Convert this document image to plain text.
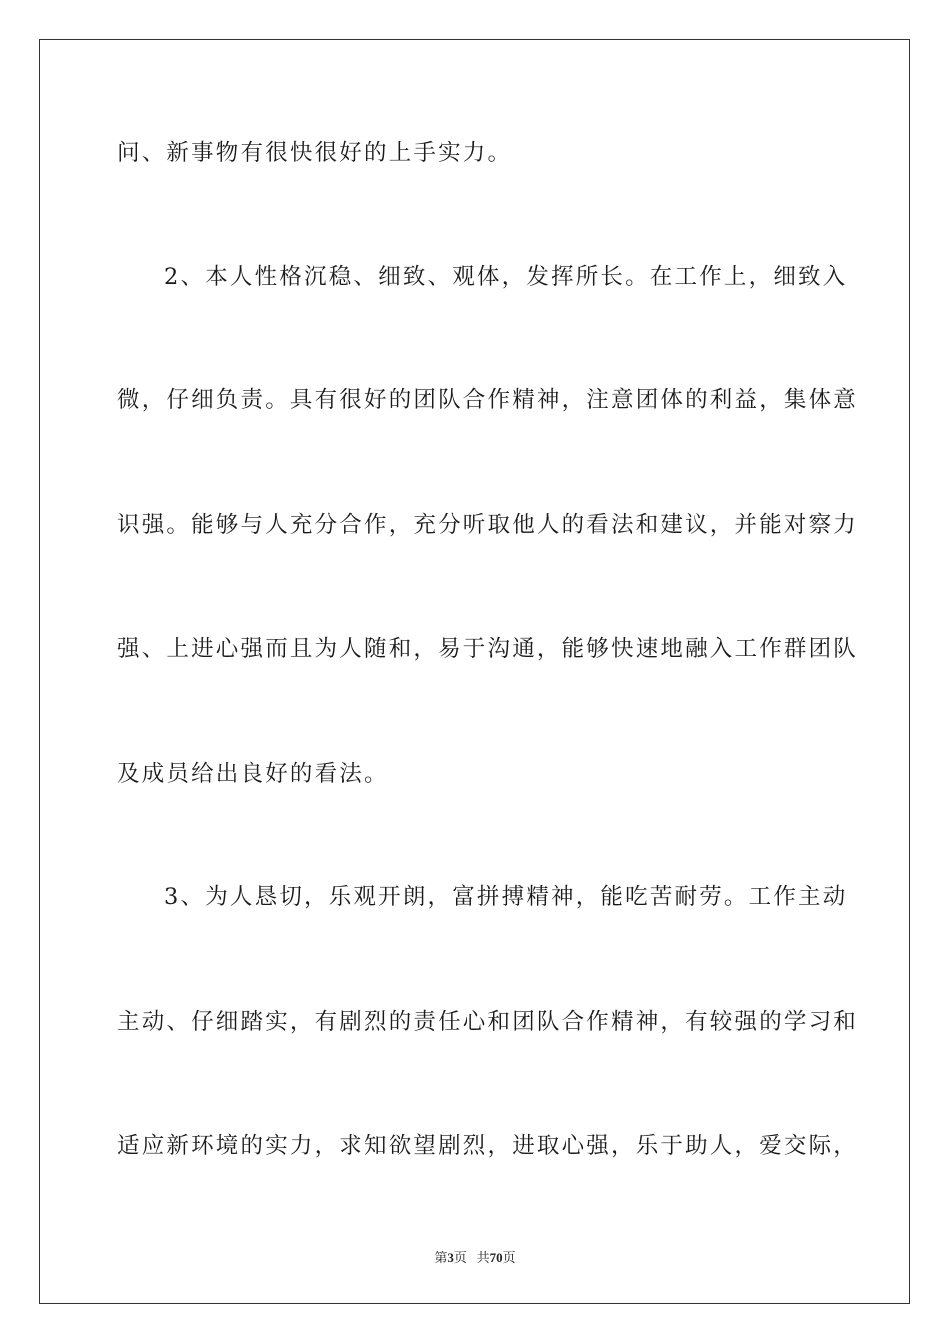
问、新事物有很快很好的上手实力。
2、本人性格沉稳、细致、观体，发挥所长。在工作上，细致入
微，仔细负责。具有很好的团队合作精神，注意团体的利益，集体意
识强。能够与人充分合作，充分听取他人的看法和建议，并能对察力
强、上进心强而且为人随和，易于沟通，能够快速地融入工作群团队
及成员给出良好的看法。
3、为人恳切，乐观开朗，富拼搏精神，能吃苦耐劳。工作主动
主动、仔细踏实，有剧烈的责任心和团队合作精神，有较强的学习和
适应新环境的实力，求知欲望剧烈，进取心强，乐于助人，爱交际，
第3页 共70页
